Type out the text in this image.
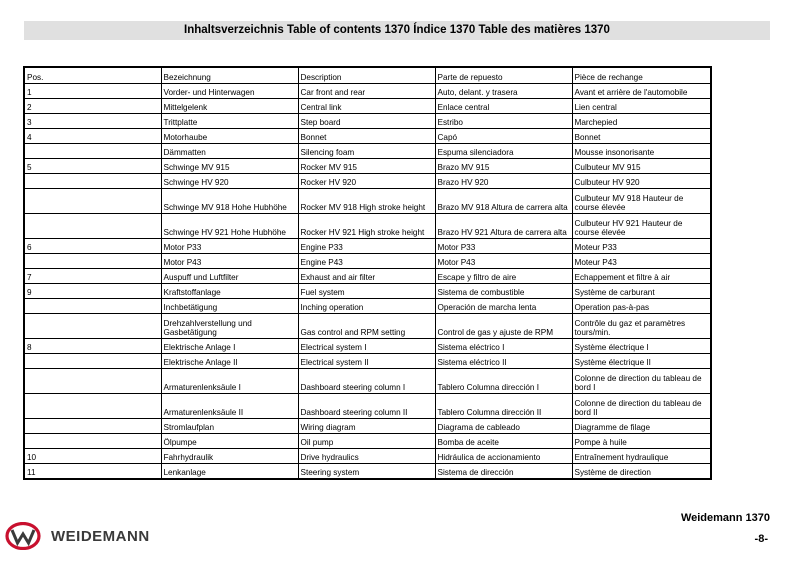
Inhaltsverzeichnis Table of contents 1370 Índice 1370 Table des matières 1370
Pos.	Bezeichnung	Description	Parte de repuesto	Pièce de rechange
1	Vorder- und Hinterwagen	Car front and rear	Auto, delant. y trasera	Avant et arrière de l'automobile
2	Mittelgelenk	Central link	Enlace central	Lien central
3	Trittplatte	Step board	Estribo	Marchepied
4	Motorhaube	Bonnet	Capó	Bonnet
	Dämmatten	Silencing foam	Espuma silenciadora	Mousse insonorisante
5	Schwinge MV 915	Rocker MV 915	Brazo MV 915	Culbuteur MV 915
	Schwinge HV 920	Rocker HV 920	Brazo HV 920	Culbuteur HV 920
	Schwinge MV 918 Hohe Hubhöhe	Rocker MV 918 High stroke height	Brazo MV 918 Altura de carrera alta	Culbuteur MV 918 Hauteur de course élevée
	Schwinge HV 921 Hohe Hubhöhe	Rocker HV 921 High stroke height	Brazo HV 921 Altura de carrera alta	Culbuteur HV 921 Hauteur de course élevée
6	Motor P33	Engine P33	Motor P33	Moteur P33
	Motor P43	Engine P43	Motor P43	Moteur P43
7	Auspuff und Luftfilter	Exhaust and air filter	Escape y filtro de aire	Echappement et filtre à air
9	Kraftstoffanlage	Fuel system	Sistema de combustible	Système de carburant
	Inchbetätigung	Inching operation	Operación de marcha lenta	Operation pas-à-pas
	Drehzahlverstellung und Gasbetätigung	Gas control and RPM setting	Control de gas y ajuste de RPM	Contrôle du gaz et paramètres tours/min.
8	Elektrische Anlage I	Electrical system I	Sistema eléctrico I	Système électrique I
	Elektrische Anlage II	Electrical system II	Sistema eléctrico II	Système électrique II
	Armaturenlenksäule I	Dashboard steering column I	Tablero Columna dirección I	Colonne de direction du tableau de bord I
	Armaturenlenksäule II	Dashboard steering column II	Tablero Columna dirección II	Colonne de direction du tableau de bord II
	Stromlaufplan	Wiring diagram	Diagrama de cableado	Diagramme de filage
	Ölpumpe	Oil pump	Bomba de aceite	Pompe à huile
10	Fahrhydraulik	Drive hydraulics	Hidráulica de accionamiento	Entraînement hydraulique
11	Lenkanlage	Steering system	Sistema de dirección	Système de direction
WEIDEMANN
Weidemann 1370
-8-
